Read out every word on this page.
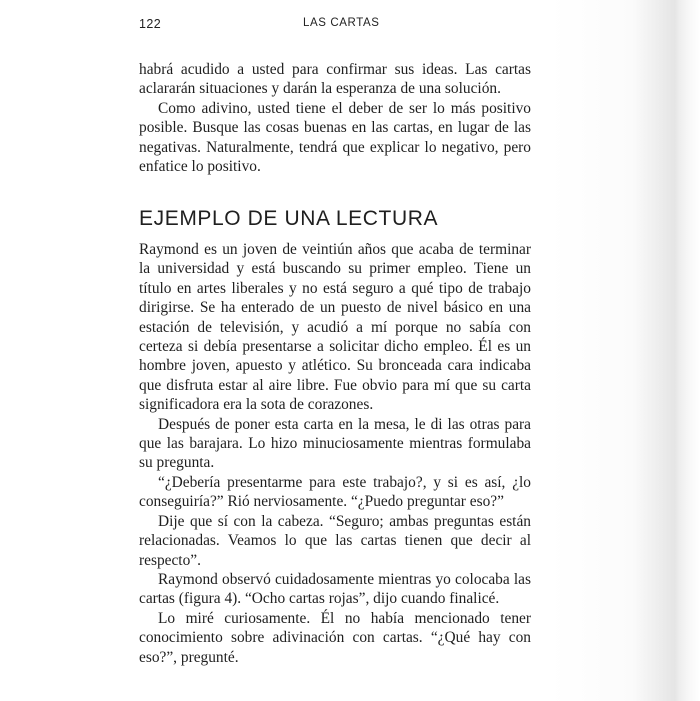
122	LAS CARTAS

habrá acudido a usted para confirmar sus ideas. Las cartas aclararán situaciones y darán la esperanza de una solución.

Como adivino, usted tiene el deber de ser lo más positivo posible. Busque las cosas buenas en las cartas, en lugar de las negativas. Naturalmente, tendrá que explicar lo negativo, pero enfatice lo positivo.

EJEMPLO DE UNA LECTURA

Raymond es un joven de veintiún años que acaba de terminar la universidad y está buscando su primer empleo. Tiene un título en artes liberales y no está seguro a qué tipo de trabajo dirigirse. Se ha enterado de un puesto de nivel básico en una estación de televisión, y acudió a mí porque no sabía con certeza si debía presentarse a solicitar dicho empleo. Él es un hombre joven, apuesto y atlético. Su bronceada cara indicaba que disfruta estar al aire libre. Fue obvio para mí que su carta significadora era la sota de corazones.

Después de poner esta carta en la mesa, le di las otras para que las barajara. Lo hizo minuciosamente mientras formulaba su pregunta.

“¿Debería presentarme para este trabajo?, y si es así, ¿lo conseguiría?” Rió nerviosamente. “¿Puedo preguntar eso?”

Dije que sí con la cabeza. “Seguro; ambas preguntas están relacionadas. Veamos lo que las cartas tienen que decir al respecto”.

Raymond observó cuidadosamente mientras yo colocaba las cartas (figura 4). “Ocho cartas rojas”, dijo cuando finalicé.

Lo miré curiosamente. Él no había mencionado tener conocimiento sobre adivinación con cartas. “¿Qué hay con eso?”, pregunté.
